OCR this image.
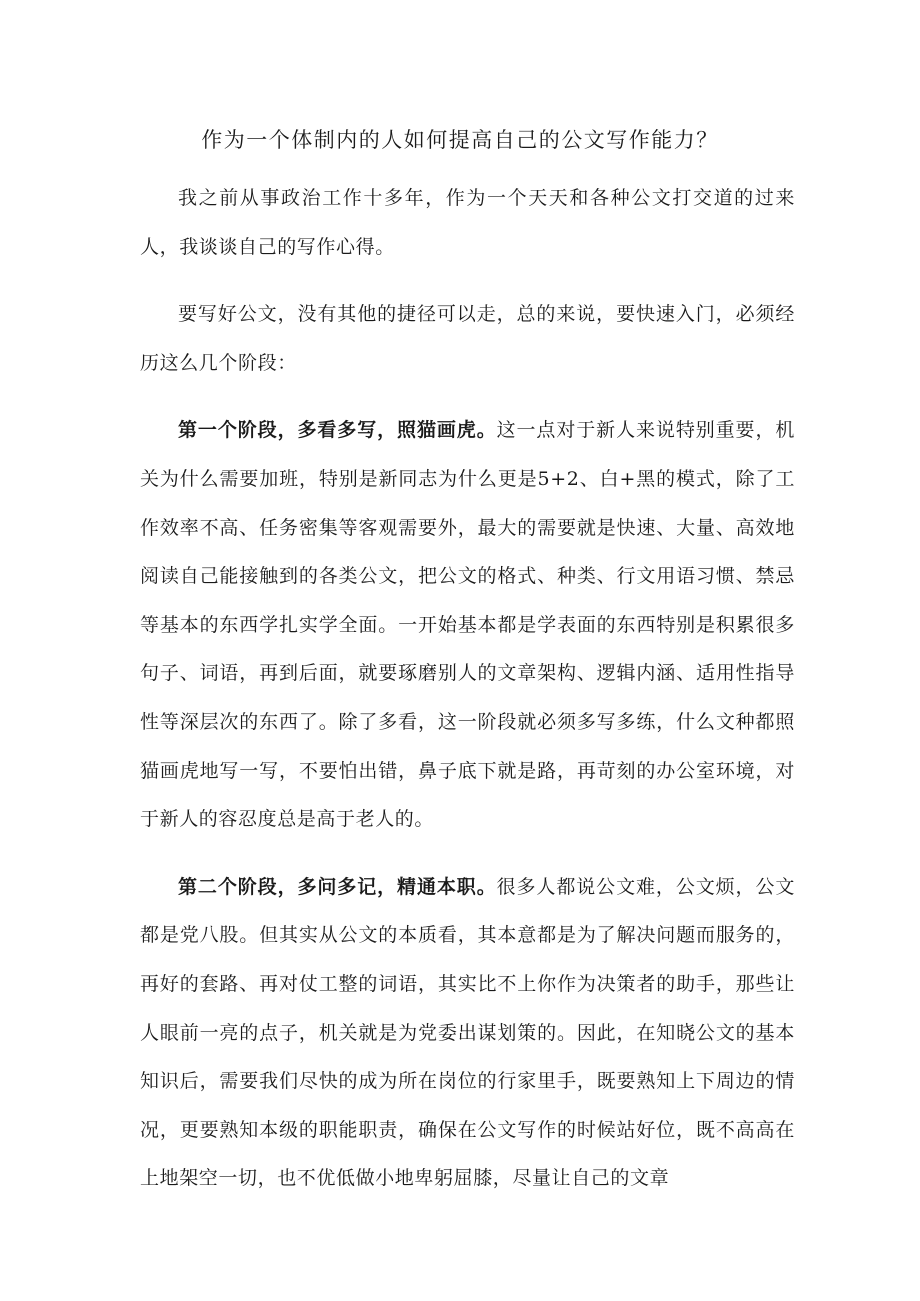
作为一个体制内的人如何提高自己的公文写作能力？

我之前从事政治工作十多年，作为一个天天和各种公文打交道的过来人，我谈谈自己的写作心得。

要写好公文，没有其他的捷径可以走，总的来说，要快速入门，必须经历这么几个阶段：

第一个阶段，多看多写，照猫画虎。这一点对于新人来说特别重要，机关为什么需要加班，特别是新同志为什么更是5+2、白+黑的模式，除了工作效率不高、任务密集等客观需要外，最大的需要就是快速、大量、高效地阅读自己能接触到的各类公文，把公文的格式、种类、行文用语习惯、禁忌等基本的东西学扎实学全面。一开始基本都是学表面的东西特别是积累很多句子、词语，再到后面，就要琢磨别人的文章架构、逻辑内涵、适用性指导性等深层次的东西了。除了多看，这一阶段就必须多写多练，什么文种都照猫画虎地写一写，不要怕出错，鼻子底下就是路，再苛刻的办公室环境，对于新人的容忍度总是高于老人的。

第二个阶段，多问多记，精通本职。很多人都说公文难，公文烦，公文都是党八股。但其实从公文的本质看，其本意都是为了解决问题而服务的，再好的套路、再对仗工整的词语，其实比不上你作为决策者的助手，那些让人眼前一亮的点子，机关就是为党委出谋划策的。因此，在知晓公文的基本知识后，需要我们尽快的成为所在岗位的行家里手，既要熟知上下周边的情况，更要熟知本级的职能职责，确保在公文写作的时候站好位，既不高高在上地架空一切，也不优低做小地卑躬屈膝，尽量让自己的文章
